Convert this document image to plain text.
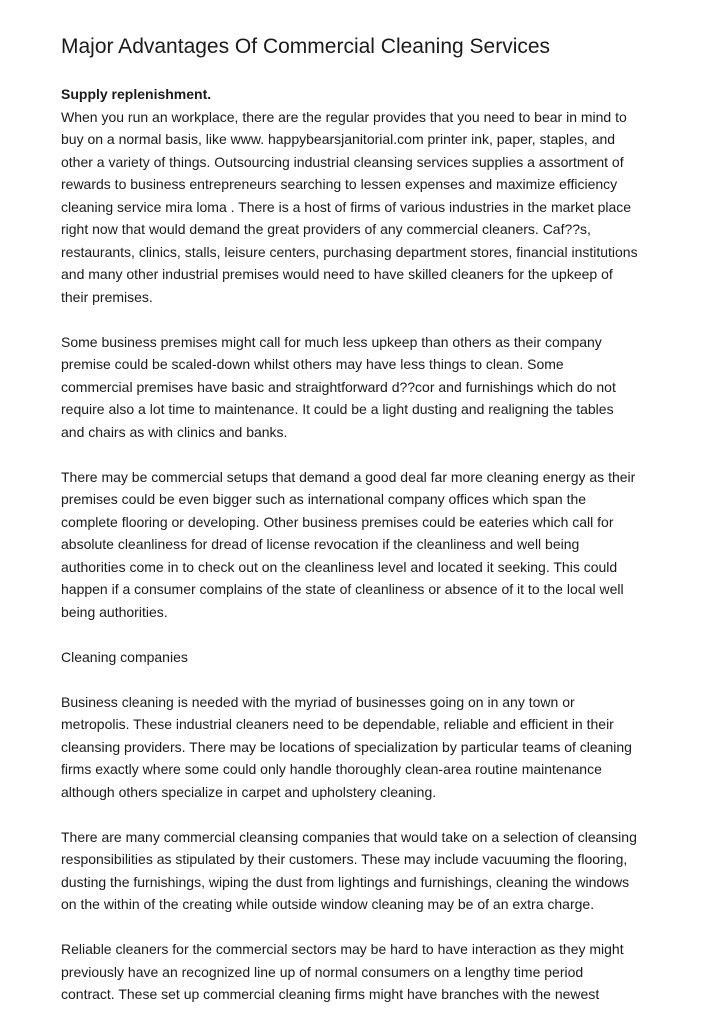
Major Advantages Of Commercial Cleaning Services

Supply replenishment.

When you run an workplace, there are the regular provides that you need to bear in mind to
buy on a normal basis, like www. happybearsjanitorial.com printer ink, paper, staples, and
other a variety of things. Outsourcing industrial cleansing services supplies a assortment of
rewards to business entrepreneurs searching to lessen expenses and maximize efficiency
cleaning service mira loma . There is a host of firms of various industries in the market place
right now that would demand the great providers of any commercial cleaners. Caf??s,
restaurants, clinics, stalls, leisure centers, purchasing department stores, financial institutions
and many other industrial premises would need to have skilled cleaners for the upkeep of
their premises.

Some business premises might call for much less upkeep than others as their company
premise could be scaled-down whilst others may have less things to clean. Some
commercial premises have basic and straightforward d??cor and furnishings which do not
require also a lot time to maintenance. It could be a light dusting and realigning the tables
and chairs as with clinics and banks.

There may be commercial setups that demand a good deal far more cleaning energy as their
premises could be even bigger such as international company offices which span the
complete flooring or developing. Other business premises could be eateries which call for
absolute cleanliness for dread of license revocation if the cleanliness and well being
authorities come in to check out on the cleanliness level and located it seeking. This could
happen if a consumer complains of the state of cleanliness or absence of it to the local well
being authorities.

Cleaning companies

Business cleaning is needed with the myriad of businesses going on in any town or
metropolis. These industrial cleaners need to be dependable, reliable and efficient in their
cleansing providers. There may be locations of specialization by particular teams of cleaning
firms exactly where some could only handle thoroughly clean-area routine maintenance
although others specialize in carpet and upholstery cleaning.

There are many commercial cleansing companies that would take on a selection of cleansing
responsibilities as stipulated by their customers. These may include vacuuming the flooring,
dusting the furnishings, wiping the dust from lightings and furnishings, cleaning the windows
on the within of the creating while outside window cleaning may be of an extra charge.

Reliable cleaners for the commercial sectors may be hard to have interaction as they might
previously have an recognized line up of normal consumers on a lengthy time period
contract. These set up commercial cleaning firms might have branches with the newest
